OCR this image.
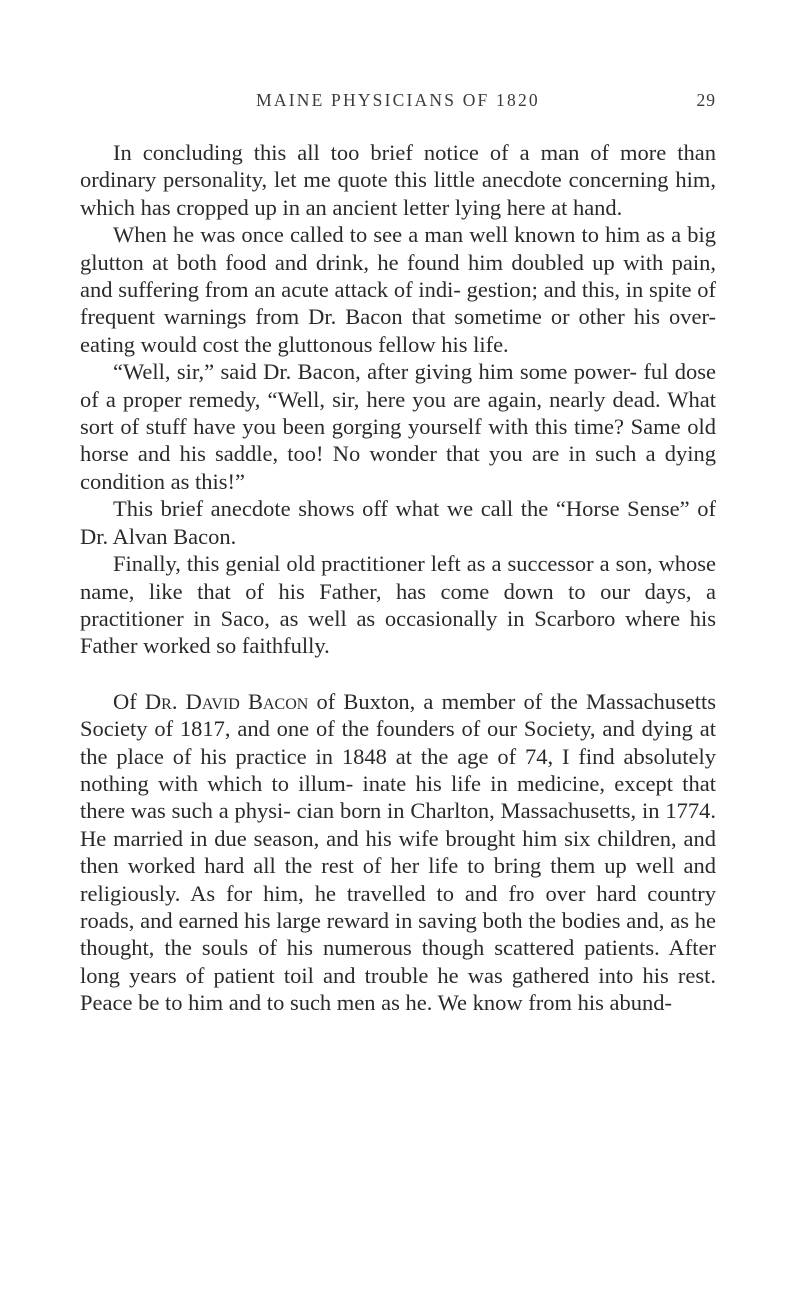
MAINE PHYSICIANS OF 1820	29

In concluding this all too brief notice of a man of more than ordinary personality, let me quote this little anecdote concerning him, which has cropped up in an ancient letter lying here at hand.

When he was once called to see a man well known to him as a big glutton at both food and drink, he found him doubled up with pain, and suffering from an acute attack of indi- gestion; and this, in spite of frequent warnings from Dr. Bacon that sometime or other his over-eating would cost the gluttonous fellow his life.

“Well, sir,” said Dr. Bacon, after giving him some power- ful dose of a proper remedy, “Well, sir, here you are again, nearly dead. What sort of stuff have you been gorging yourself with this time? Same old horse and his saddle, too! No wonder that you are in such a dying condition as this!”

This brief anecdote shows off what we call the “Horse Sense” of Dr. Alvan Bacon.

Finally, this genial old practitioner left as a successor a son, whose name, like that of his Father, has come down to our days, a practitioner in Saco, as well as occasionally in Scarboro where his Father worked so faithfully.

Of Dr. David Bacon of Buxton, a member of the Massachusetts Society of 1817, and one of the founders of our Society, and dying at the place of his practice in 1848 at the age of 74, I find absolutely nothing with which to illum- inate his life in medicine, except that there was such a physi- cian born in Charlton, Massachusetts, in 1774. He married in due season, and his wife brought him six children, and then worked hard all the rest of her life to bring them up well and religiously. As for him, he travelled to and fro over hard country roads, and earned his large reward in saving both the bodies and, as he thought, the souls of his numerous though scattered patients. After long years of patient toil and trouble he was gathered into his rest. Peace be to him and to such men as he. We know from his abund-
